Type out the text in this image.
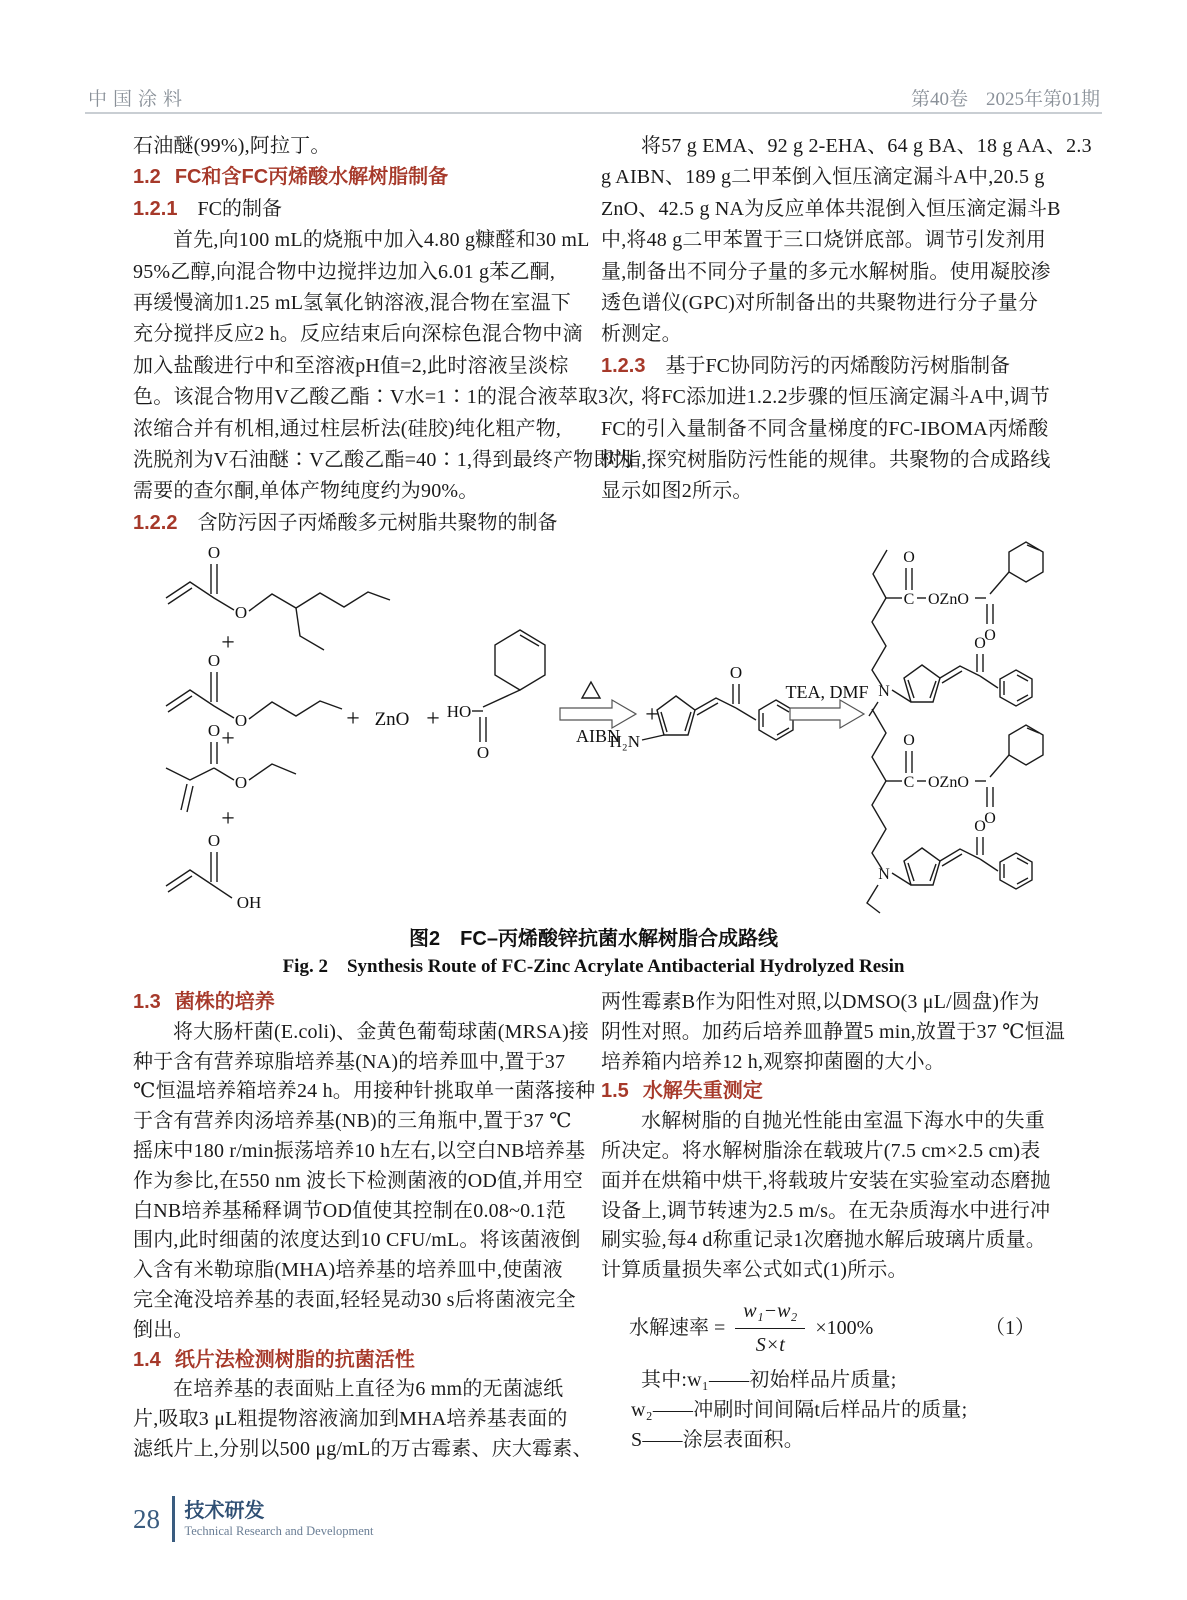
中国涂料	第40卷 2025年第01期
石油醚(99%),阿拉丁。
1.2 FC和含FC丙烯酸水解树脂制备
1.2.1 FC的制备
首先,向100 mL的烧瓶中加入4.80 g糠醛和30 mL
95%乙醇,向混合物中边搅拌边加入6.01 g苯乙酮,
再缓慢滴加1.25 mL氢氧化钠溶液,混合物在室温下
充分搅拌反应2 h。反应结束后向深棕色混合物中滴
加入盐酸进行中和至溶液pH值=2,此时溶液呈淡棕
色。该混合物用V乙酸乙酯∶V水=1∶1的混合液萃取3次,
浓缩合并有机相,通过柱层析法(硅胶)纯化粗产物,
洗脱剂为V石油醚∶V乙酸乙酯=40∶1,得到最终产物即为
需要的查尔酮,单体产物纯度约为90%。
1.2.2 含防污因子丙烯酸多元树脂共聚物的制备
将57 g EMA、92 g 2-EHA、64 g BA、18 g AA、2.3
g AIBN、189 g二甲苯倒入恒压滴定漏斗A中,20.5 g
ZnO、42.5 g NA为反应单体共混倒入恒压滴定漏斗B
中,将48 g二甲苯置于三口烧饼底部。调节引发剂用
量,制备出不同分子量的多元水解树脂。使用凝胶渗
透色谱仪(GPC)对所制备出的共聚物进行分子量分
析测定。
1.2.3 基于FC协同防污的丙烯酸防污树脂制备
将FC添加进1.2.2步骤的恒压滴定漏斗A中,调节
FC的引入量制备不同含量梯度的FC-IBOMA丙烯酸
树脂,探究树脂防污性能的规律。共聚物的合成路线
显示如图2所示。
O
O
+
O
O
+
O
O
+
O
OH
+ ZnO + HO
O
AIBN
+
H₂N
O
TEA, DMF
C
O
OZnO
O
N
O
C
O
OZnO
O
N
O
图2　FC–丙烯酸锌抗菌水解树脂合成路线
Fig. 2　Synthesis Route of FC-Zinc Acrylate Antibacterial Hydrolyzed Resin
1.3 菌株的培养
将大肠杆菌(E.coli)、金黄色葡萄球菌(MRSA)接
种于含有营养琼脂培养基(NA)的培养皿中,置于37
℃恒温培养箱培养24 h。用接种针挑取单一菌落接种
于含有营养肉汤培养基(NB)的三角瓶中,置于37 ℃
摇床中180 r/min振荡培养10 h左右,以空白NB培养基
作为参比,在550 nm 波长下检测菌液的OD值,并用空
白NB培养基稀释调节OD值使其控制在0.08~0.1范
围内,此时细菌的浓度达到10 CFU/mL。将该菌液倒
入含有米勒琼脂(MHA)培养基的培养皿中,使菌液
完全淹没培养基的表面,轻轻晃动30 s后将菌液完全
倒出。
1.4 纸片法检测树脂的抗菌活性
在培养基的表面贴上直径为6 mm的无菌滤纸
片,吸取3 μL粗提物溶液滴加到MHA培养基表面的
滤纸片上,分别以500 μg/mL的万古霉素、庆大霉素、
两性霉素B作为阳性对照,以DMSO(3 μL/圆盘)作为
阴性对照。加药后培养皿静置5 min,放置于37 ℃恒温
培养箱内培养12 h,观察抑菌圈的大小。
1.5 水解失重测定
水解树脂的自抛光性能由室温下海水中的失重
所决定。将水解树脂涂在载玻片(7.5 cm×2.5 cm)表
面并在烘箱中烘干,将载玻片安装在实验室动态磨抛
设备上,调节转速为2.5 m/s。在无杂质海水中进行冲
刷实验,每4 d称重记录1次磨抛水解后玻璃片质量。
计算质量损失率公式如式(1)所示。
水解速率 = $\frac{\text{w₁−w₂}}{S\times t} \times 100\%$	（1）
其中:w₁——初始样品片质量;
w₂——冲刷时间间隔t后样品片的质量;
S——涂层表面积。
28 技术研发
Technical Research and Development
